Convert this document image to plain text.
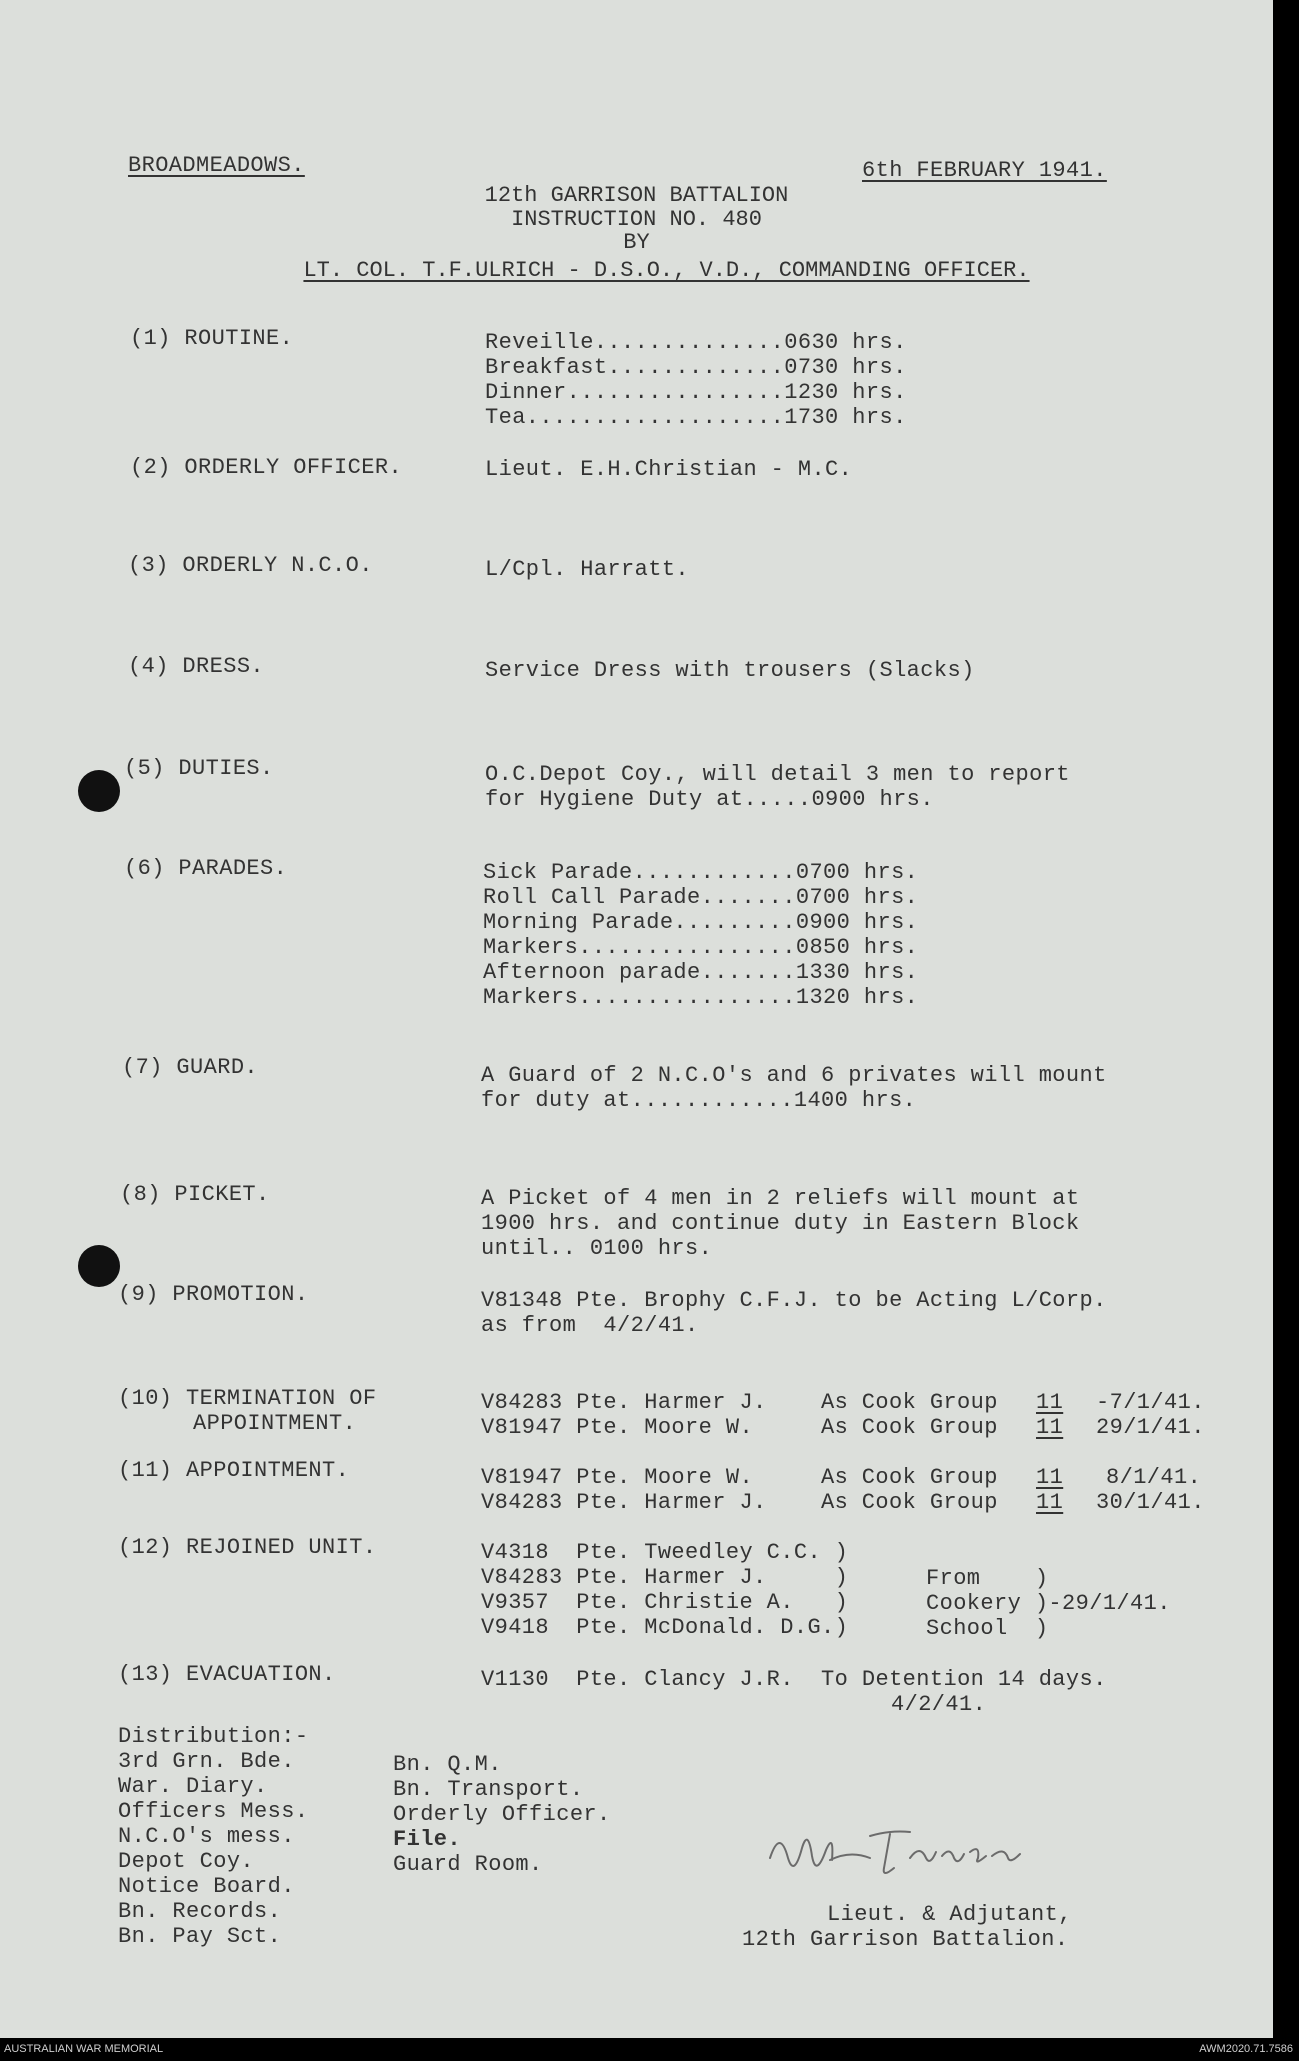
BROADMEADOWS.	6th FEBRUARY 1941.
12th GARRISON BATTALION
INSTRUCTION NO. 480
BY
LT. COL. T.F.ULRICH - D.S.O., V.D., COMMANDING OFFICER.
(1) ROUTINE.	Reveille..............0630 hrs.
Breakfast.............0730 hrs.
Dinner................1230 hrs.
Tea...................1730 hrs.
(2) ORDERLY OFFICER.	Lieut. E.H.Christian - M.C.
(3) ORDERLY N.C.O.	L/Cpl. Harratt.
(4) DRESS.	Service Dress with trousers (Slacks)
(5) DUTIES.	O.C.Depot Coy., will detail 3 men to report
for Hygiene Duty at.....0900 hrs.
(6) PARADES.	Sick Parade............0700 hrs.
Roll Call Parade.......0700 hrs.
Morning Parade.........0900 hrs.
Markers................0850 hrs.
Afternoon parade.......1330 hrs.
Markers................1320 hrs.
(7) GUARD.	A Guard of 2 N.C.O's and 6 privates will mount
for duty at............1400 hrs.
(8) PICKET.	A Picket of 4 men in 2 reliefs will mount at
1900 hrs. and continue duty in Eastern Block
until.. 0100 hrs.
(9) PROMOTION.	V81348 Pte. Brophy C.F.J. to be Acting L/Corp.
as from  4/2/41.
(10) TERMINATION OF
APPOINTMENT.
V84283 Pte. Harmer J. As Cook Group 11 -7/1/41.
V81947 Pte. Moore W.	As Cook Group 11 29/1/41.
(11) APPOINTMENT.	V81947 Pte. Moore W.	As Cook Group 11 8/1/41.
V84283 Pte. Harmer J. As Cook Group 11 30/1/41.
(12) REJOINED UNIT.	V4318  Pte. Tweedley C.C. )
V84283 Pte. Harmer J.     )
V9357  Pte. Christie A.   )
V9418  Pte. McDonald. D.G.)
From    )
Cookery )-29/1/41.
School  )
(13) EVACUATION.	V1130  Pte. Clancy J.R.  To Detention 14 days.
4/2/41.
Distribution:-
3rd Grn. Bde.
War. Diary.
Officers Mess.
N.C.O's mess.
Depot Coy.
Notice Board.
Bn. Records.
Bn. Pay Sct.
Bn. Q.M.
Bn. Transport.
Orderly Officer.
File.
Guard Room.
Lieut. & Adjutant,
12th Garrison Battalion.
AUSTRALIAN WAR MEMORIAL	AWM2020.71.7586
